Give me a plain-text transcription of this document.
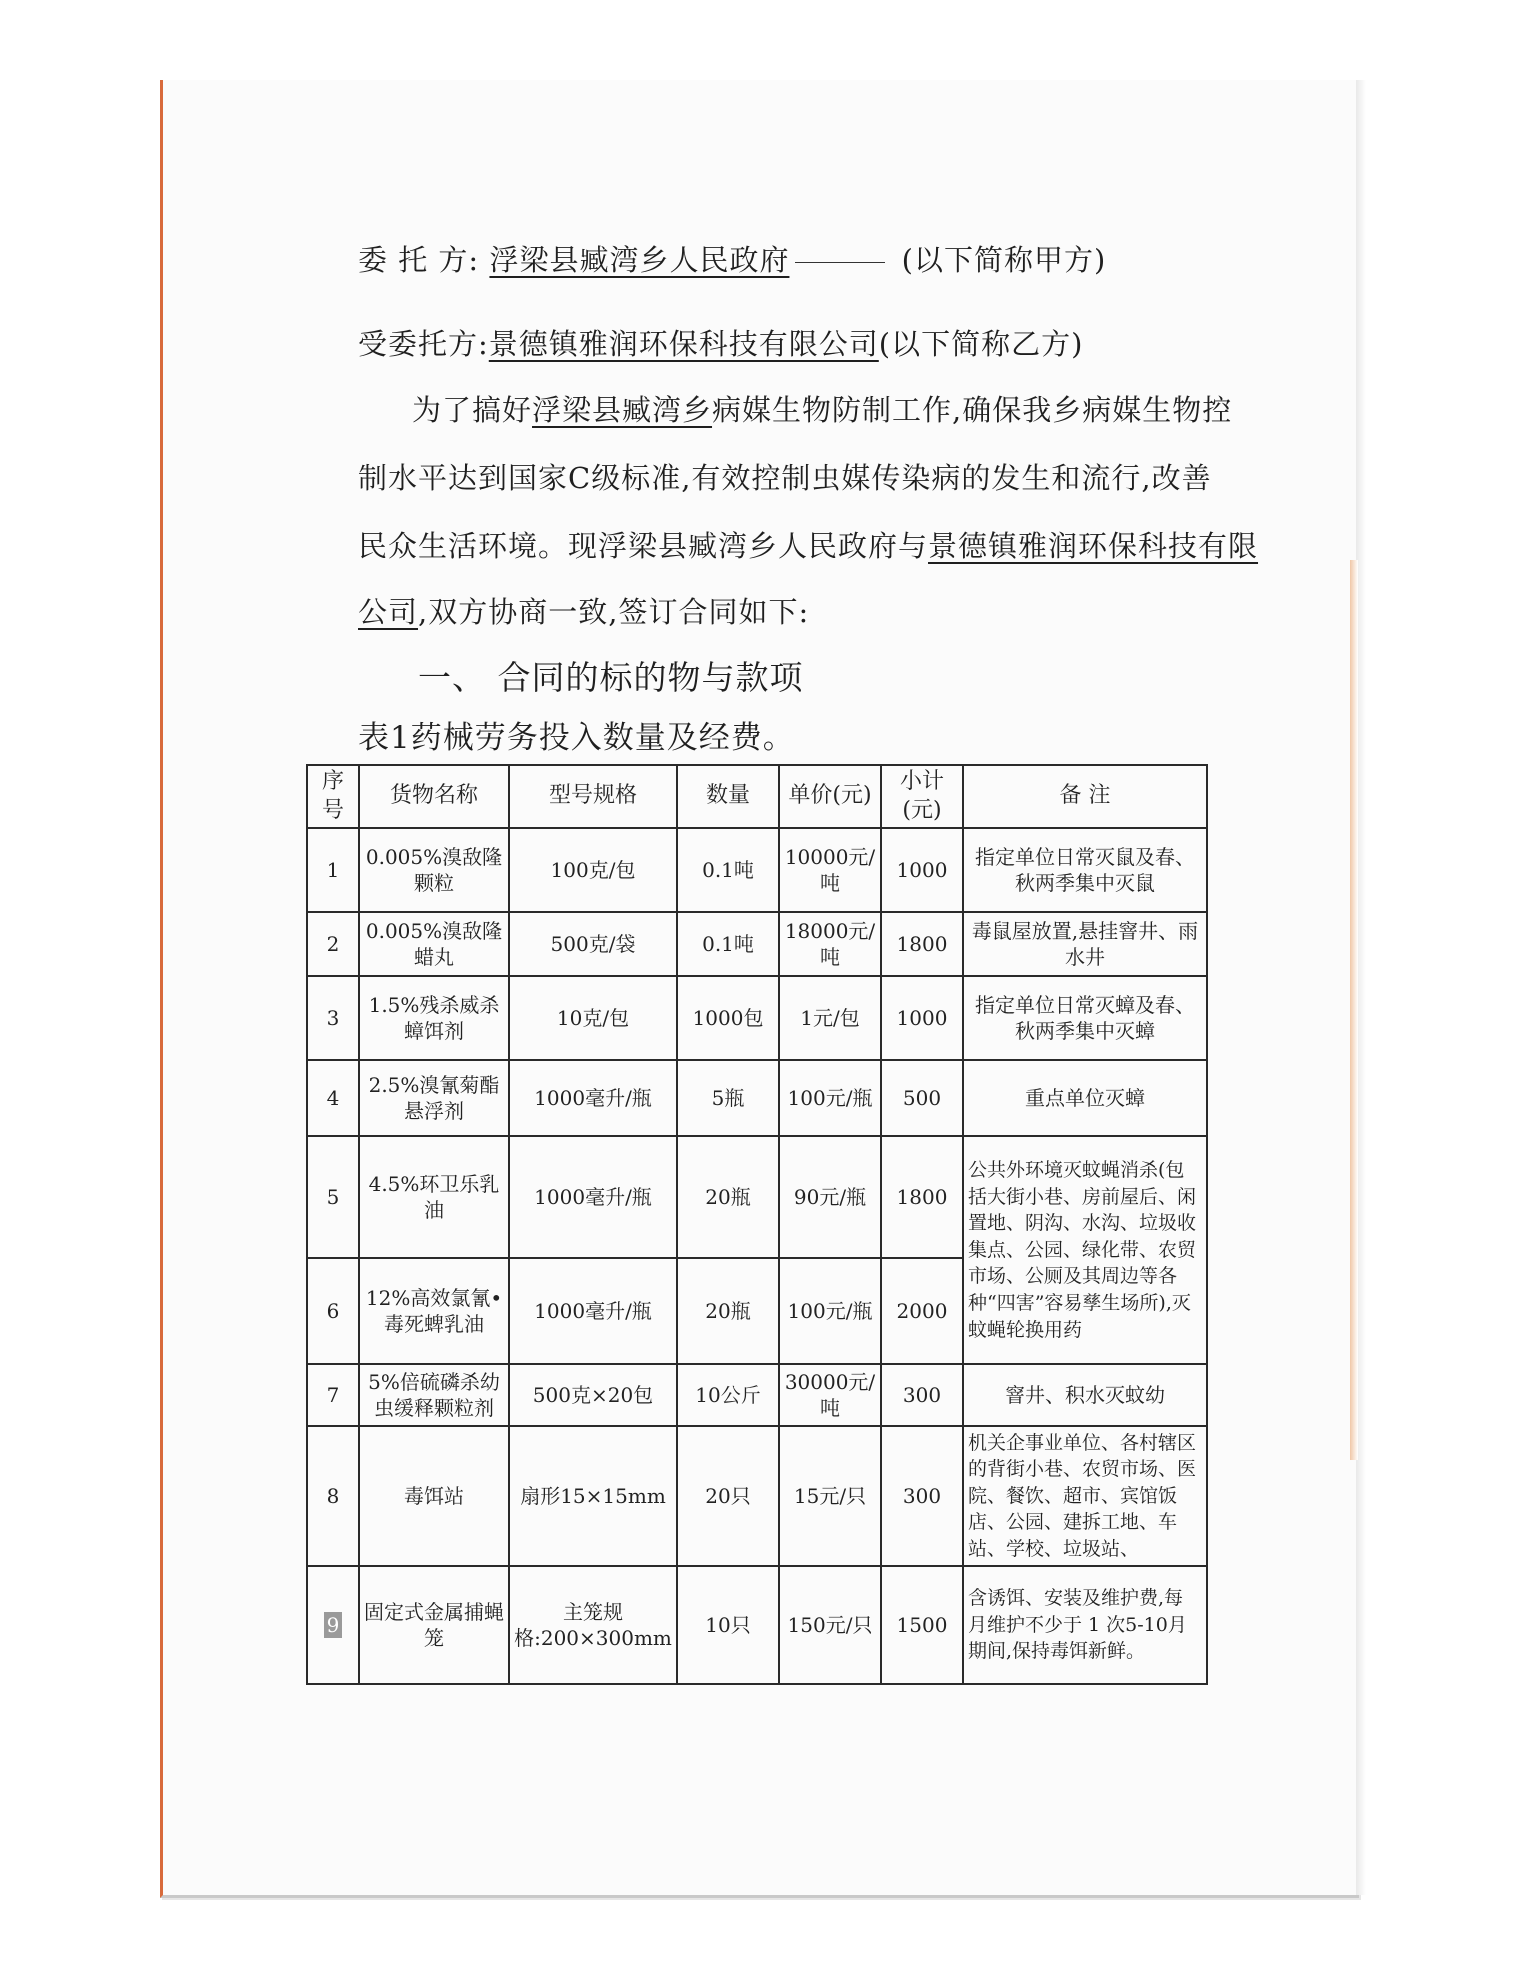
委 托 方: 浮梁县臧湾乡人民政府	(以下简称甲方)
受委托方:景德镇雅润环保科技有限公司(以下简称乙方)
为了搞好浮梁县臧湾乡病媒生物防制工作,确保我乡病媒生物控
制水平达到国家C级标准,有效控制虫媒传染病的发生和流行,改善
民众生活环境。现浮梁县臧湾乡人民政府与景德镇雅润环保科技有限
公司,双方协商一致,签订合同如下:
一、 合同的标的物与款项
表1药械劳务投入数量及经费。
序号	货物名称	型号规格	数量	单价(元)	小计(元)	备 注
1	0.005%溴敌隆颗粒	100克/包	0.1吨	10000元/吨	1000	指定单位日常灭鼠及春、秋两季集中灭鼠
2	0.005%溴敌隆蜡丸	500克/袋	0.1吨	18000元/吨	1800	毒鼠屋放置,悬挂窨井、雨水井
3	1.5%残杀威杀蟑饵剂	10克/包	1000包	1元/包	1000	指定单位日常灭蟑及春、秋两季集中灭蟑
4	2.5%溴氰菊酯悬浮剂	1000毫升/瓶	5瓶	100元/瓶	500	重点单位灭蟑
5	4.5%环卫乐乳油	1000毫升/瓶	20瓶	90元/瓶	1800	公共外环境灭蚊蝇消杀(包括大街小巷、房前屋后、闲置地、阴沟、水沟、垃圾收集点、公园、绿化带、农贸市场、公厕及其周边等各种“四害”容易孳生场所),灭蚊蝇轮换用药
6	12%高效氯氰•毒死蜱乳油	1000毫升/瓶	20瓶	100元/瓶	2000	
7	5%倍硫磷杀幼虫缓释颗粒剂	500克×20包	10公斤	30000元/吨	300	窨井、积水灭蚊幼
8	毒饵站	扇形15×15mm	20只	15元/只	300	机关企事业单位、各村辖区的背街小巷、农贸市场、医院、餐饮、超市、宾馆饭店、公园、建拆工地、车站、学校、垃圾站、
9	固定式金属捕蝇笼	主笼规格:200×300mm	10只	150元/只	1500	含诱饵、安装及维护费,每月维护不少于 1 次5-10月期间,保持毒饵新鲜。
